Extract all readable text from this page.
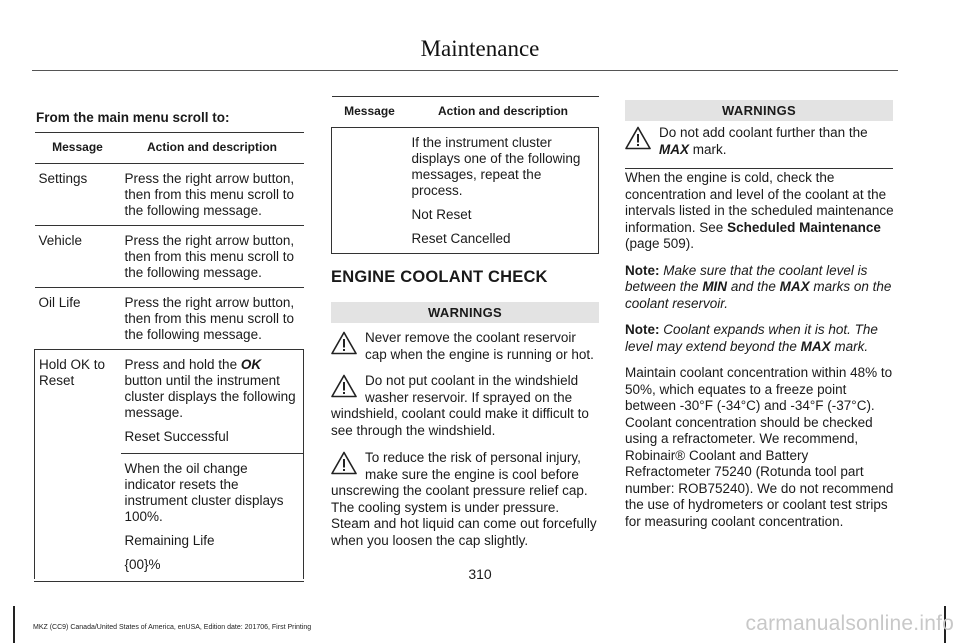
Maintenance
From the main menu scroll to:
Message	Action and description
Settings	Press the right arrow button, then from this menu scroll to the following message.
Vehicle	Press the right arrow button, then from this menu scroll to the following message.
Oil Life	Press the right arrow button, then from this menu scroll to the following message.
Hold OK to Reset	Press and hold the OK button until the instrument cluster displays the following message.

Reset Successful

When the oil change indicator resets the instrument cluster displays 100%.

Remaining Life

{00}%

Message	Action and description

	If the instrument cluster displays one of the following messages, repeat the process.

Not Reset

Reset Cancelled

ENGINE COOLANT CHECK
WARNINGS
Never remove the coolant reservoir cap when the engine is running or hot.
Do not put coolant in the windshield washer reservoir. If sprayed on the windshield, coolant could make it difficult to see through the windshield.
To reduce the risk of personal injury, make sure the engine is cool before unscrewing the coolant pressure relief cap. The cooling system is under pressure. Steam and hot liquid can come out forcefully when you loosen the cap slightly.
WARNINGS
Do not add coolant further than the MAX mark.

When the engine is cold, check the concentration and level of the coolant at the intervals listed in the scheduled maintenance information. See Scheduled Maintenance (page 509).

Note: Make sure that the coolant level is between the MIN and the MAX marks on the coolant reservoir.

Note: Coolant expands when it is hot. The level may extend beyond the MAX mark.

Maintain coolant concentration within 48% to 50%, which equates to a freeze point between -30°F (-34°C) and -34°F (-37°C). Coolant concentration should be checked using a refractometer. We recommend, Robinair® Coolant and Battery Refractometer 75240 (Rotunda tool part number: ROB75240). We do not recommend the use of hydrometers or coolant test strips for measuring coolant concentration.

310
MKZ (CC9) Canada/United States of America, enUSA, Edition date: 201706, First Printing	carmanualsonline.info
